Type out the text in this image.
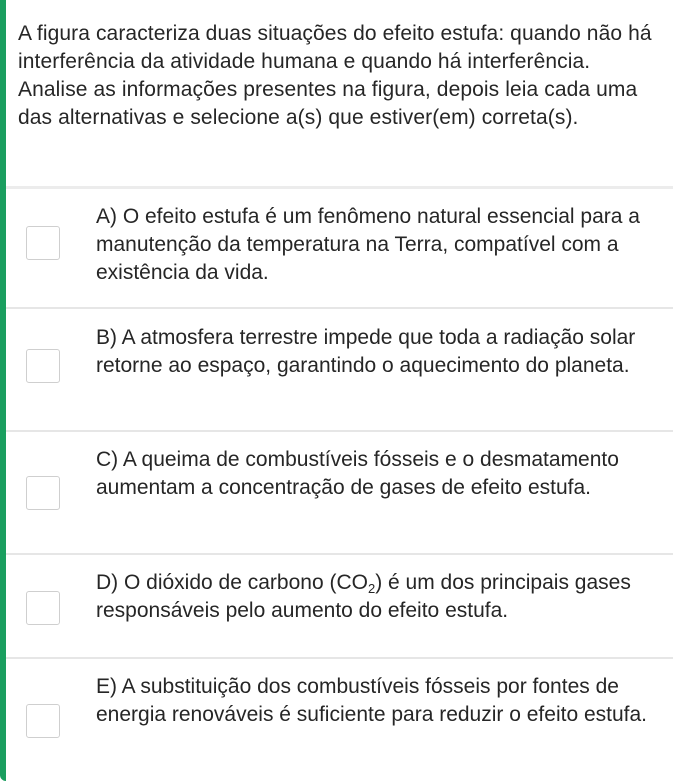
A figura caracteriza duas situações do efeito estufa: quando não há interferência da atividade humana e quando há interferência. Analise as informações presentes na figura, depois leia cada uma das alternativas e selecione a(s) que estiver(em) correta(s).
A) O efeito estufa é um fenômeno natural essencial para a manutenção da temperatura na Terra, compatível com a existência da vida.
B) A atmosfera terrestre impede que toda a radiação solar retorne ao espaço, garantindo o aquecimento do planeta.
C) A queima de combustíveis fósseis e o desmatamento aumentam a concentração de gases de efeito estufa.
D) O dióxido de carbono $(CO_2)$ é um dos principais gases responsáveis pelo aumento do efeito estufa.
E) A substituição dos combustíveis fósseis por fontes de energia renováveis é suficiente para reduzir o efeito estufa.
